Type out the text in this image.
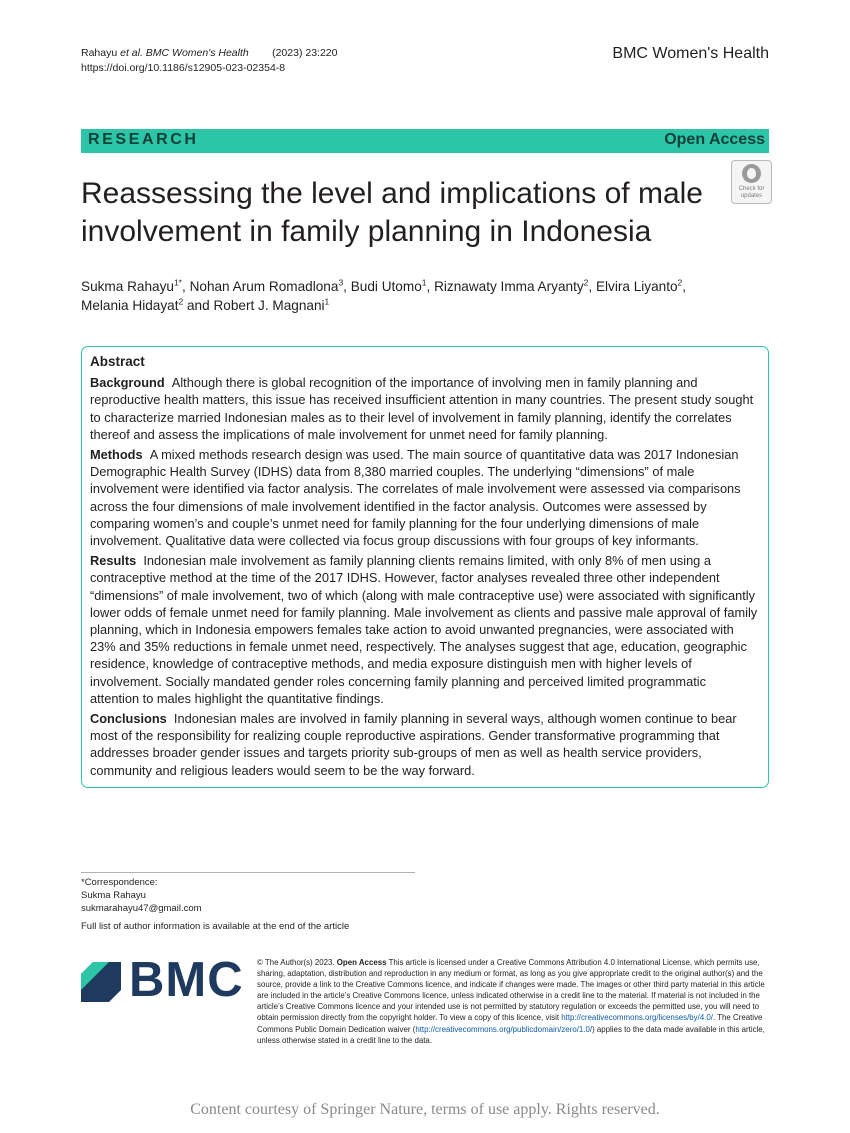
Rahayu et al. BMC Women's Health (2023) 23:220
https://doi.org/10.1186/s12905-023-02354-8
BMC Women's Health
RESEARCH	Open Access
Reassessing the level and implications of male involvement in family planning in Indonesia
Check for updates
Sukma Rahayu$^{1*}$, Nohan Arum Romadlona$^3$, Budi Utomo$^1$, Riznawaty Imma Aryanty$^2$, Elvira Liyanto$^2$,
Melania Hidayat$^2$ and Robert J. Magnani$^1$
Abstract

Background Although there is global recognition of the importance of involving men in family planning and reproductive health matters, this issue has received insufficient attention in many countries. The present study sought to characterize married Indonesian males as to their level of involvement in family planning, identify the correlates thereof and assess the implications of male involvement for unmet need for family planning.

Methods A mixed methods research design was used. The main source of quantitative data was 2017 Indonesian Demographic Health Survey (IDHS) data from 8,380 married couples. The underlying “dimensions” of male involvement were identified via factor analysis. The correlates of male involvement were assessed via comparisons across the four dimensions of male involvement identified in the factor analysis. Outcomes were assessed by comparing women’s and couple’s unmet need for family planning for the four underlying dimensions of male involvement. Qualitative data were collected via focus group discussions with four groups of key informants.

Results Indonesian male involvement as family planning clients remains limited, with only 8% of men using a contraceptive method at the time of the 2017 IDHS. However, factor analyses revealed three other independent “dimensions” of male involvement, two of which (along with male contraceptive use) were associated with significantly lower odds of female unmet need for family planning. Male involvement as clients and passive male approval of family planning, which in Indonesia empowers females take action to avoid unwanted pregnancies, were associated with 23% and 35% reductions in female unmet need, respectively. The analyses suggest that age, education, geographic residence, knowledge of contraceptive methods, and media exposure distinguish men with higher levels of involvement. Socially mandated gender roles concerning family planning and perceived limited programmatic attention to males highlight the quantitative findings.

Conclusions Indonesian males are involved in family planning in several ways, although women continue to bear most of the responsibility for realizing couple reproductive aspirations. Gender transformative programming that addresses broader gender issues and targets priority sub-groups of men as well as health service providers, community and religious leaders would seem to be the way forward.

*Correspondence:
Sukma Rahayu
sukmarahayu47@gmail.com
Full list of author information is available at the end of the article
BMC © The Author(s) 2023. Open Access This article is licensed under a Creative Commons Attribution 4.0 International License, which permits use, sharing, adaptation, distribution and reproduction in any medium or format, as long as you give appropriate credit to the original author(s) and the source, provide a link to the Creative Commons licence, and indicate if changes were made. The images or other third party material in this article are included in the article’s Creative Commons licence, unless indicated otherwise in a credit line to the material. If material is not included in the article’s Creative Commons licence and your intended use is not permitted by statutory regulation or exceeds the permitted use, you will need to obtain permission directly from the copyright holder. To view a copy of this licence, visit http://creativecommons.org/licenses/by/4.0/. The Creative Commons Public Domain Dedication waiver (http://creativecommons.org/publicdomain/zero/1.0/) applies to the data made available in this article, unless otherwise stated in a credit line to the data.
Content courtesy of Springer Nature, terms of use apply. Rights reserved.
